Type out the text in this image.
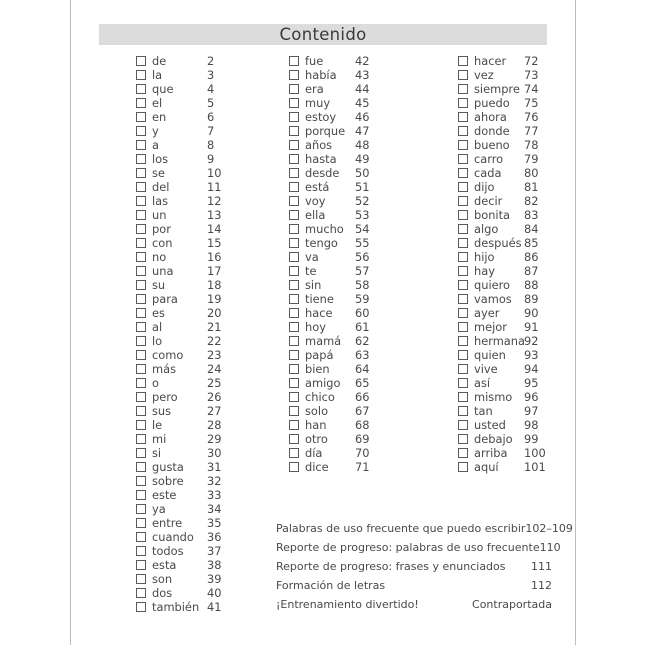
Contenido
de	2
la	3
que	4
el	5
en	6
y	7
a	8
los	9
se	10
del	11
las	12
un	13
por	14
con	15
no	16
una	17
su	18
para	19
es	20
al	21
lo	22
como	23
más	24
o	25
pero	26
sus	27
le	28
mi	29
si	30
gusta	31
sobre	32
este	33
ya	34
entre	35
cuando	36
todos	37
esta	38
son	39
dos	40
también 41
fue	42
había	43
era	44
muy	45
estoy	46
porque 47
años	48
hasta	49
desde	50
está	51
voy	52
ella	53
mucho 54
tengo	55
va	56
te	57
sin	58
tiene	59
hace	60
hoy	61
mamá	62
papá	63
bien	64
amigo	65
chico	66
solo	67
han	68
otro	69
día	70
dice	71
hacer	72
vez	73
siempre 74
puedo	75
ahora	76
donde	77
bueno	78
carro	79
cada	80
dijo	81
decir	82
bonita	83
algo	84
después 85
hijo	86
hay	87
quiero	88
vamos	89
ayer	90
mejor	91
hermana 92
quien	93
vive	94
así	95
mismo	96
tan	97
usted	98
debajo	99
arriba	100
aquí	101
Palabras de uso frecuente que puedo escribir 102–109
Reporte de progreso: palabras de uso frecuente 110
Reporte de progreso: frases y enunciados 111
Formación de letras	112
¡Entrenamiento divertido!	Contraportada
